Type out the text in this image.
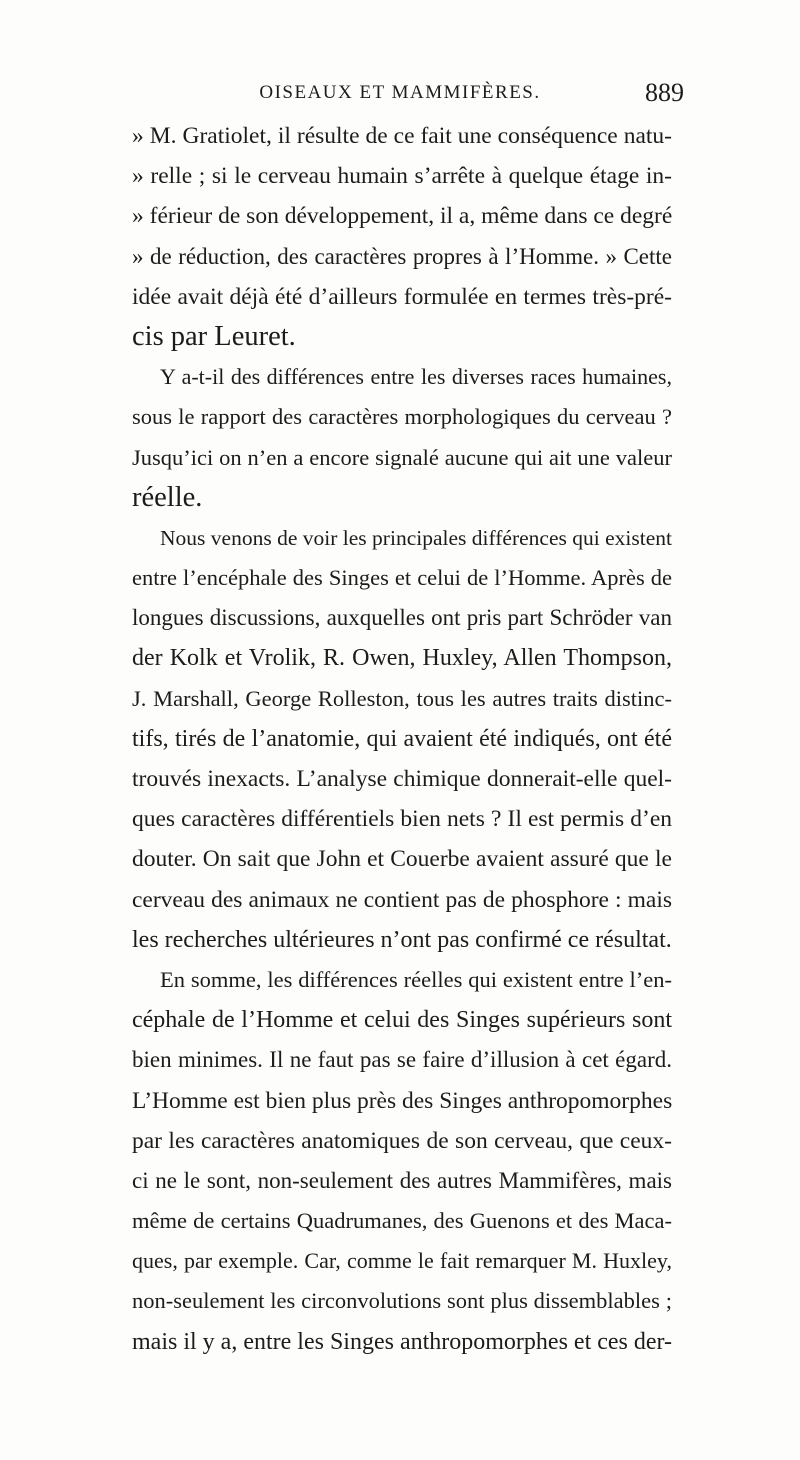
OISEAUX ET MAMMIFÈRES.	889
» M. Gratiolet, il résulte de ce fait une conséquence natu-
» relle ; si le cerveau humain s’arrête à quelque étage in-
» férieur de son développement, il a, même dans ce degré
» de réduction, des caractères propres à l’Homme. » Cette
idée avait déjà été d’ailleurs formulée en termes très-pré-
cis par Leuret.
Y a-t-il des différences entre les diverses races humaines,
sous le rapport des caractères morphologiques du cerveau ?
Jusqu’ici on n’en a encore signalé aucune qui ait une valeur
réelle.
Nous venons de voir les principales différences qui existent
entre l’encéphale des Singes et celui de l’Homme. Après de
longues discussions, auxquelles ont pris part Schröder van
der Kolk et Vrolik, R. Owen, Huxley, Allen Thompson,
J. Marshall, George Rolleston, tous les autres traits distinc-
tifs, tirés de l’anatomie, qui avaient été indiqués, ont été
trouvés inexacts. L’analyse chimique donnerait-elle quel-
ques caractères différentiels bien nets ? Il est permis d’en
douter. On sait que John et Couerbe avaient assuré que le
cerveau des animaux ne contient pas de phosphore : mais
les recherches ultérieures n’ont pas confirmé ce résultat.
En somme, les différences réelles qui existent entre l’en-
céphale de l’Homme et celui des Singes supérieurs sont
bien minimes. Il ne faut pas se faire d’illusion à cet égard.
L’Homme est bien plus près des Singes anthropomorphes
par les caractères anatomiques de son cerveau, que ceux-
ci ne le sont, non-seulement des autres Mammifères, mais
même de certains Quadrumanes, des Guenons et des Maca-
ques, par exemple. Car, comme le fait remarquer M. Huxley,
non-seulement les circonvolutions sont plus dissemblables ;
mais il y a, entre les Singes anthropomorphes et ces der-
